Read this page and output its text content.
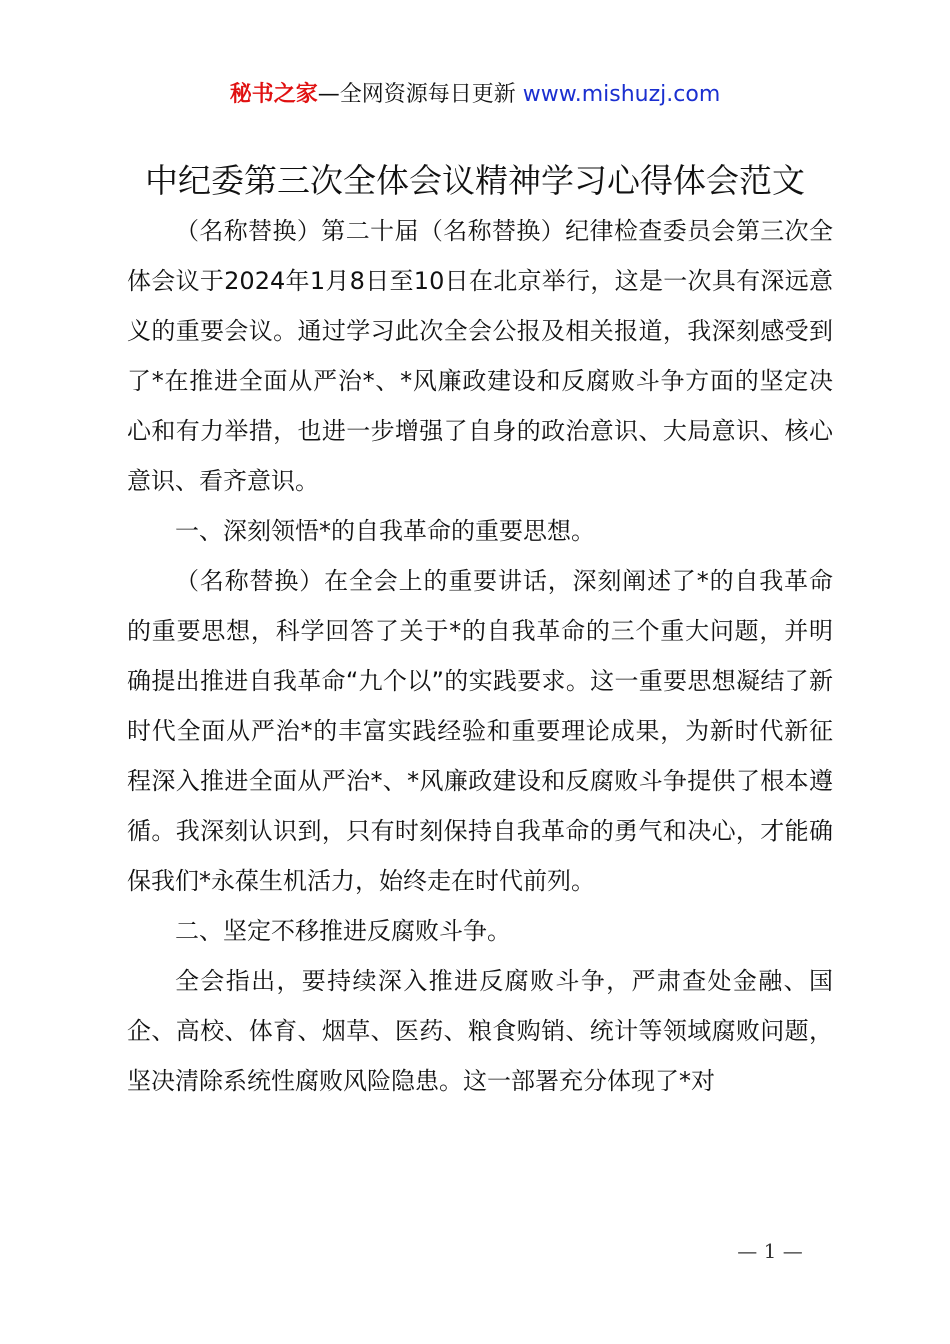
秘书之家—全网资源每日更新 www.mishuzj.com
中纪委第三次全体会议精神学习心得体会范文

（名称替换）第二十届（名称替换）纪律检查委员会第三次全体会议于2024年1月8日至10日在北京举行，这是一次具有深远意义的重要会议。通过学习此次全会公报及相关报道，我深刻感受到了*在推进全面从严治*、*风廉政建设和反腐败斗争方面的坚定决心和有力举措，也进一步增强了自身的政治意识、大局意识、核心意识、看齐意识。

一、深刻领悟*的自我革命的重要思想。

（名称替换）在全会上的重要讲话，深刻阐述了*的自我革命的重要思想，科学回答了关于*的自我革命的三个重大问题，并明确提出推进自我革命“九个以”的实践要求。这一重要思想凝结了新时代全面从严治*的丰富实践经验和重要理论成果，为新时代新征程深入推进全面从严治*、*风廉政建设和反腐败斗争提供了根本遵循。我深刻认识到，只有时刻保持自我革命的勇气和决心，才能确保我们*永葆生机活力，始终走在时代前列。

二、坚定不移推进反腐败斗争。

全会指出，要持续深入推进反腐败斗争，严肃查处金融、国企、高校、体育、烟草、医药、粮食购销、统计等领域腐败问题，坚决清除系统性腐败风险隐患。这一部署充分体现了*对

— 1 —
